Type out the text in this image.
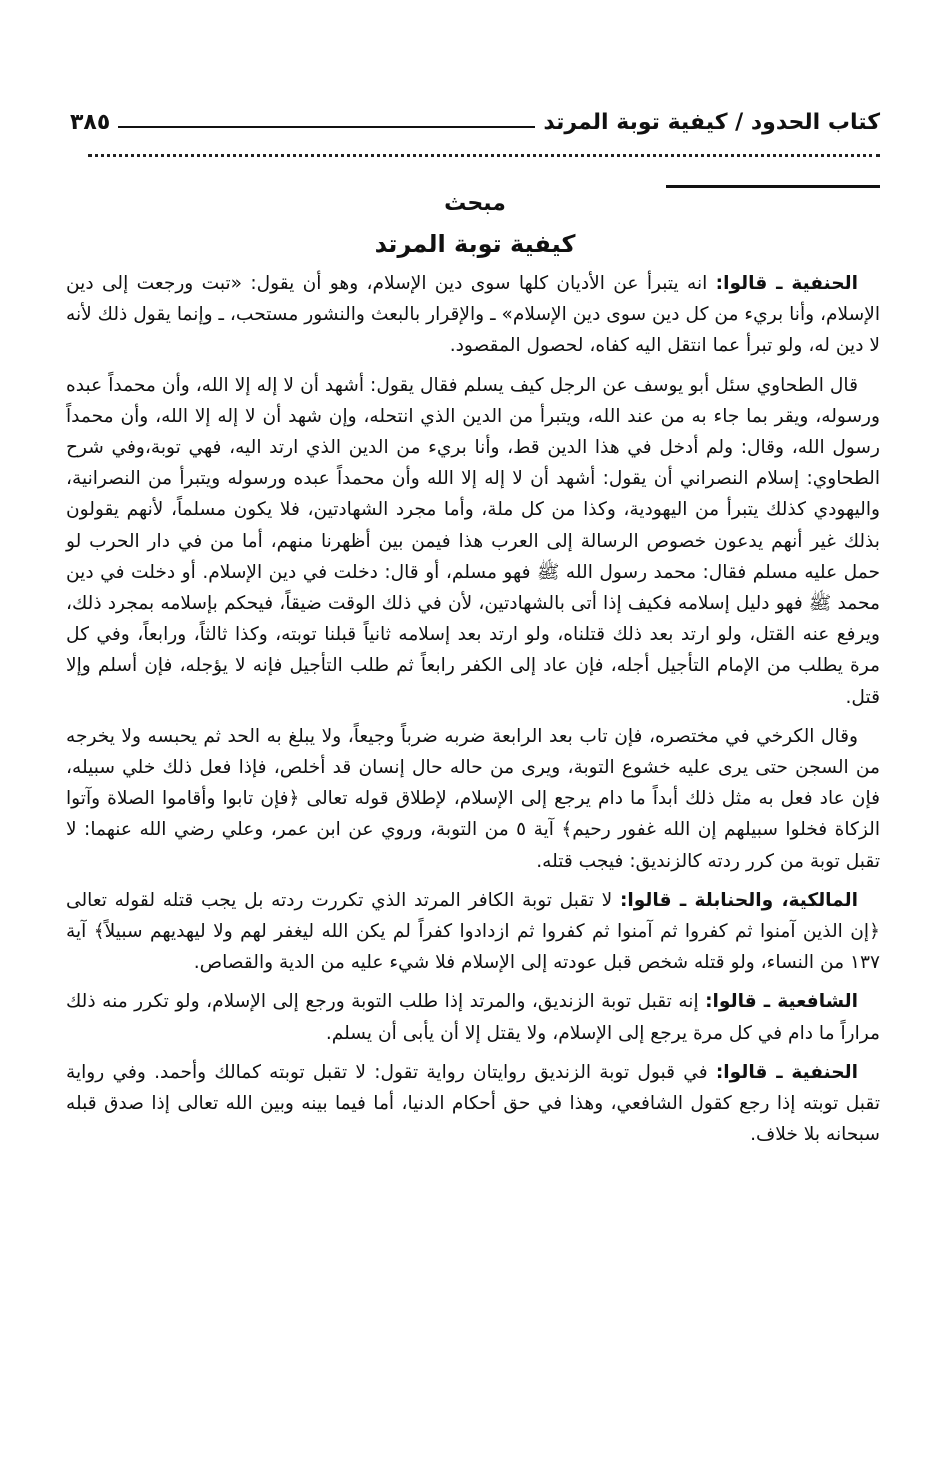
كتاب الحدود / كيفية توبة المرتد
٣٨٥
مبحث
كيفية توبة المرتد

الحنفية ـ قالوا: انه يتبرأ عن الأديان كلها سوى دين الإسلام، وهو أن يقول: «تبت ورجعت إلى دين الإسلام، وأنا بريء من كل دين سوى دين الإسلام» ـ والإقرار بالبعث والنشور مستحب، ـ وإنما يقول ذلك لأنه لا دين له، ولو تبرأ عما انتقل اليه كفاه، لحصول المقصود.

قال الطحاوي سئل أبو يوسف عن الرجل كيف يسلم فقال يقول: أشهد أن لا إله إلا الله، وأن محمداً عبده ورسوله، ويقر بما جاء به من عند الله، ويتبرأ من الدين الذي انتحله، وإن شهد أن لا إله إلا الله، وأن محمداً رسول الله، وقال: ولم أدخل في هذا الدين قط، وأنا بريء من الدين الذي ارتد اليه، فهي توبة،وفي شرح الطحاوي: إسلام النصراني أن يقول: أشهد أن لا إله إلا الله وأن محمداً عبده ورسوله ويتبرأ من النصرانية، واليهودي كذلك يتبرأ من اليهودية، وكذا من كل ملة، وأما مجرد الشهادتين، فلا يكون مسلماً، لأنهم يقولون بذلك غير أنهم يدعون خصوص الرسالة إلى العرب هذا فيمن بين أظهرنا منهم، أما من في دار الحرب لو حمل عليه مسلم فقال: محمد رسول الله ﷺ فهو مسلم، أو قال: دخلت في دين الإسلام. أو دخلت في دين محمد ﷺ فهو دليل إسلامه فكيف إذا أتى بالشهادتين، لأن في ذلك الوقت ضيقاً، فيحكم بإسلامه بمجرد ذلك، ويرفع عنه القتل، ولو ارتد بعد ذلك قتلناه، ولو ارتد بعد إسلامه ثانياً قبلنا توبته، وكذا ثالثاً، ورابعاً، وفي كل مرة يطلب من الإمام التأجيل أجله، فإن عاد إلى الكفر رابعاً ثم طلب التأجيل فإنه لا يؤجله، فإن أسلم وإلا قتل.

وقال الكرخي في مختصره، فإن تاب بعد الرابعة ضربه ضرباً وجيعاً، ولا يبلغ به الحد ثم يحبسه ولا يخرجه من السجن حتى يرى عليه خشوع التوبة، ويرى من حاله حال إنسان قد أخلص، فإذا فعل ذلك خلي سبيله، فإن عاد فعل به مثل ذلك أبداً ما دام يرجع إلى الإسلام، لإطلاق قوله تعالى ﴿فإن تابوا وأقاموا الصلاة وآتوا الزكاة فخلوا سبيلهم إن الله غفور رحيم﴾ آية ٥ من التوبة، وروي عن ابن عمر، وعلي رضي الله عنهما: لا تقبل توبة من كرر ردته كالزنديق: فيجب قتله.

المالكية، والحنابلة ـ قالوا: لا تقبل توبة الكافر المرتد الذي تكررت ردته بل يجب قتله لقوله تعالى ﴿إن الذين آمنوا ثم كفروا ثم آمنوا ثم كفروا ثم ازدادوا كفراً لم يكن الله ليغفر لهم ولا ليهديهم سبيلاً﴾ آية ١٣٧ من النساء، ولو قتله شخص قبل عودته إلى الإسلام فلا شيء عليه من الدية والقصاص.

الشافعية ـ قالوا: إنه تقبل توبة الزنديق، والمرتد إذا طلب التوبة ورجع إلى الإسلام، ولو تكرر منه ذلك مراراً ما دام في كل مرة يرجع إلى الإسلام، ولا يقتل إلا أن يأبى أن يسلم.

الحنفية ـ قالوا: في قبول توبة الزنديق روايتان رواية تقول: لا تقبل توبته كمالك وأحمد. وفي رواية تقبل توبته إذا رجع كقول الشافعي، وهذا في حق أحكام الدنيا، أما فيما بينه وبين الله تعالى إذا صدق قبله سبحانه بلا خلاف.
